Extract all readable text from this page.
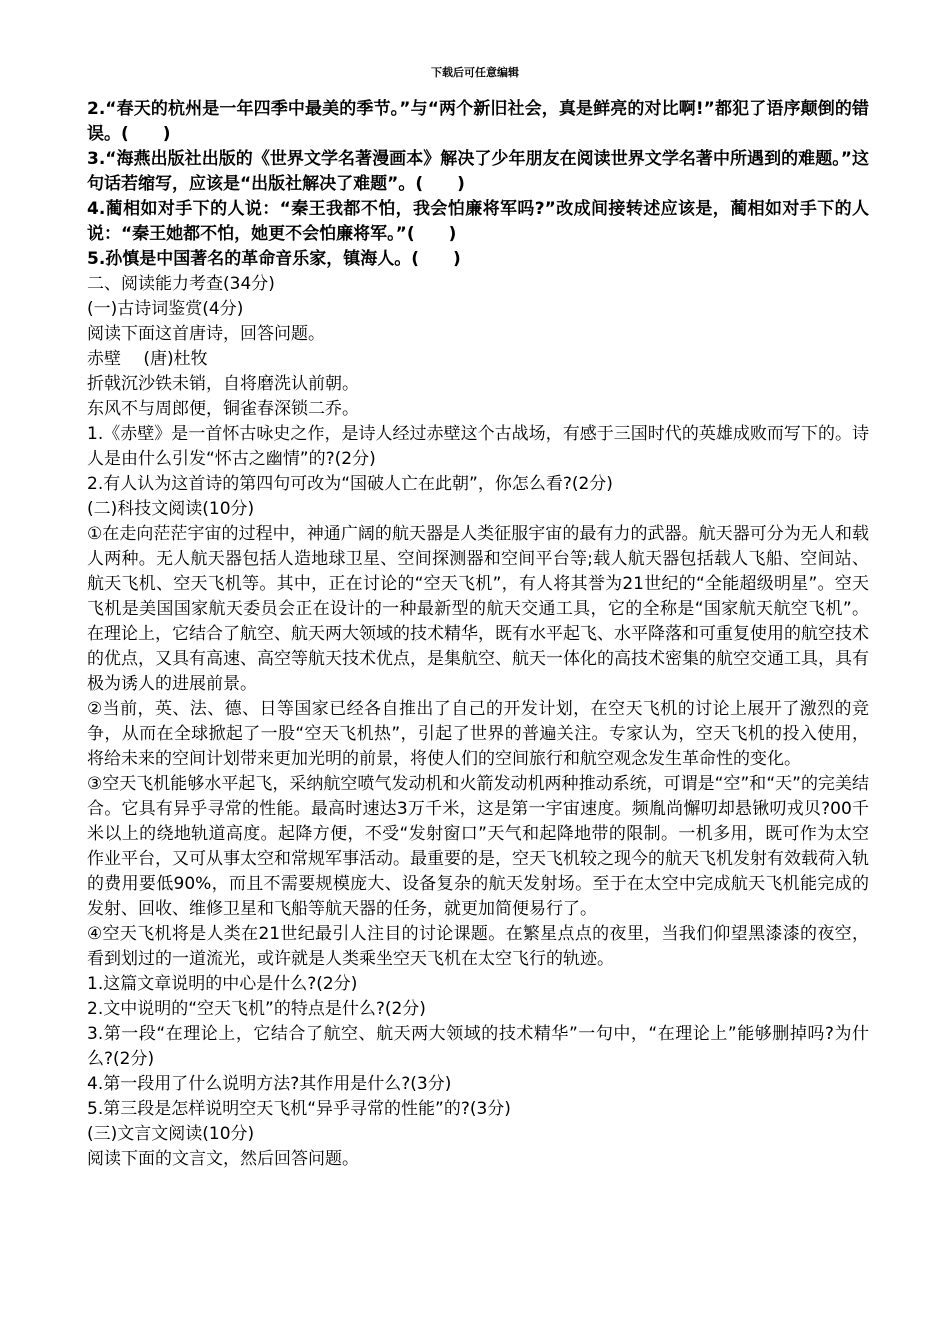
下载后可任意编辑

2.“春天的杭州是一年四季中最美的季节。”与“两个新旧社会，真是鲜亮的对比啊!”都犯了语序颠倒的错误。(　　)

3.“海燕出版社出版的《世界文学名著漫画本》解决了少年朋友在阅读世界文学名著中所遇到的难题。”这句话若缩写，应该是“出版社解决了难题”。(　　)

4.蔺相如对手下的人说：“秦王我都不怕，我会怕廉将军吗?”改成间接转述应该是，蔺相如对手下的人说：“秦王她都不怕，她更不会怕廉将军。”(　　)

5.孙慎是中国著名的革命音乐家，镇海人。(　　)

二、阅读能力考查(34分)

(一)古诗词鉴赏(4分)

阅读下面这首唐诗，回答问题。

赤壁　 (唐)杜牧

折戟沉沙铁未销，自将磨洗认前朝。

东风不与周郎便，铜雀春深锁二乔。

1.《赤壁》是一首怀古咏史之作，是诗人经过赤壁这个古战场，有感于三国时代的英雄成败而写下的。诗人是由什么引发“怀古之幽情”的?(2分)

2.有人认为这首诗的第四句可改为“国破人亡在此朝”，你怎么看?(2分)

(二)科技文阅读(10分)

①在走向茫茫宇宙的过程中，神通广阔的航天器是人类征服宇宙的最有力的武器。航天器可分为无人和载人两种。无人航天器包括人造地球卫星、空间探测器和空间平台等;载人航天器包括载人飞船、空间站、航天飞机、空天飞机等。其中，正在讨论的“空天飞机”，有人将其誉为21世纪的“全能超级明星”。空天飞机是美国国家航天委员会正在设计的一种最新型的航天交通工具，它的全称是“国家航天航空飞机”。在理论上，它结合了航空、航天两大领域的技术精华，既有水平起飞、水平降落和可重复使用的航空技术的优点，又具有高速、高空等航天技术优点，是集航空、航天一体化的高技术密集的航空交通工具，具有极为诱人的进展前景。

②当前，英、法、德、日等国家已经各自推出了自己的开发计划，在空天飞机的讨论上展开了激烈的竞争，从而在全球掀起了一股“空天飞机热”，引起了世界的普遍关注。专家认为，空天飞机的投入使用，将给未来的空间计划带来更加光明的前景，将使人们的空间旅行和航空观念发生革命性的变化。

③空天飞机能够水平起飞，采纳航空喷气发动机和火箭发动机两种推动系统，可谓是“空”和“天”的完美结合。它具有异乎寻常的性能。最高时速达3万千米，这是第一宇宙速度。频胤尚懈叨却悬锹叨戎贝?00千米以上的绕地轨道高度。起降方便，不受“发射窗口”天气和起降地带的限制。一机多用，既可作为太空作业平台，又可从事太空和常规军事活动。最重要的是，空天飞机较之现今的航天飞机发射有效载荷入轨的费用要低90%，而且不需要规模庞大、设备复杂的航天发射场。至于在太空中完成航天飞机能完成的发射、回收、维修卫星和飞船等航天器的任务，就更加简便易行了。

④空天飞机将是人类在21世纪最引人注目的讨论课题。在繁星点点的夜里，当我们仰望黑漆漆的夜空，看到划过的一道流光，或许就是人类乘坐空天飞机在太空飞行的轨迹。

1.这篇文章说明的中心是什么?(2分)

2.文中说明的“空天飞机”的特点是什么?(2分)

3.第一段“在理论上，它结合了航空、航天两大领域的技术精华”一句中，“在理论上”能够删掉吗?为什么?(2分)

4.第一段用了什么说明方法?其作用是什么?(3分)

5.第三段是怎样说明空天飞机“异乎寻常的性能”的?(3分)

(三)文言文阅读(10分)

阅读下面的文言文，然后回答问题。
